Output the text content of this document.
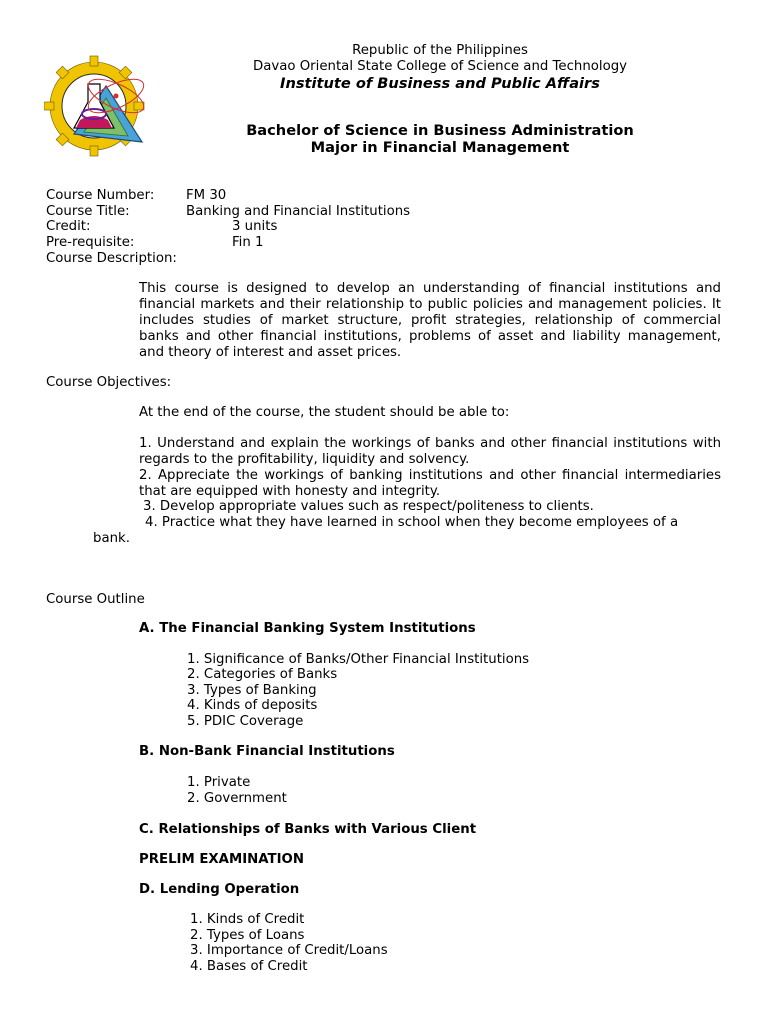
Republic of the Philippines
Davao Oriental State College of Science and Technology
Institute of Business and Public Affairs
Bachelor of Science in Business Administration
Major in Financial Management
Course Number: FM 30
Course Title:	Banking and Financial Institutions
Credit:	3 units
Pre-requisite:	Fin 1
Course Description:
This course is designed to develop an understanding of financial institutions and financial markets and their relationship to public policies and management policies. It includes studies of market structure, profit strategies, relationship of commercial banks and other financial institutions, problems of asset and liability management, and theory of interest and asset prices.
Course Objectives:
At the end of the course, the student should be able to:
1. Understand and explain the workings of banks and other financial institutions with regards to the profitability, liquidity and solvency.
2. Appreciate the workings of banking institutions and other financial intermediaries that are equipped with honesty and integrity.
3. Develop appropriate values such as respect/politeness to clients.
4. Practice what they have learned in school when they become employees of a
bank.
Course Outline
A. The Financial Banking System Institutions
1. Significance of Banks/Other Financial Institutions
2. Categories of Banks
3. Types of Banking
4. Kinds of deposits
5. PDIC Coverage
B. Non-Bank Financial Institutions
1. Private
2. Government
C. Relationships of Banks with Various Client
PRELIM EXAMINATION
D. Lending Operation
1. Kinds of Credit
2. Types of Loans
3. Importance of Credit/Loans
4. Bases of Credit
